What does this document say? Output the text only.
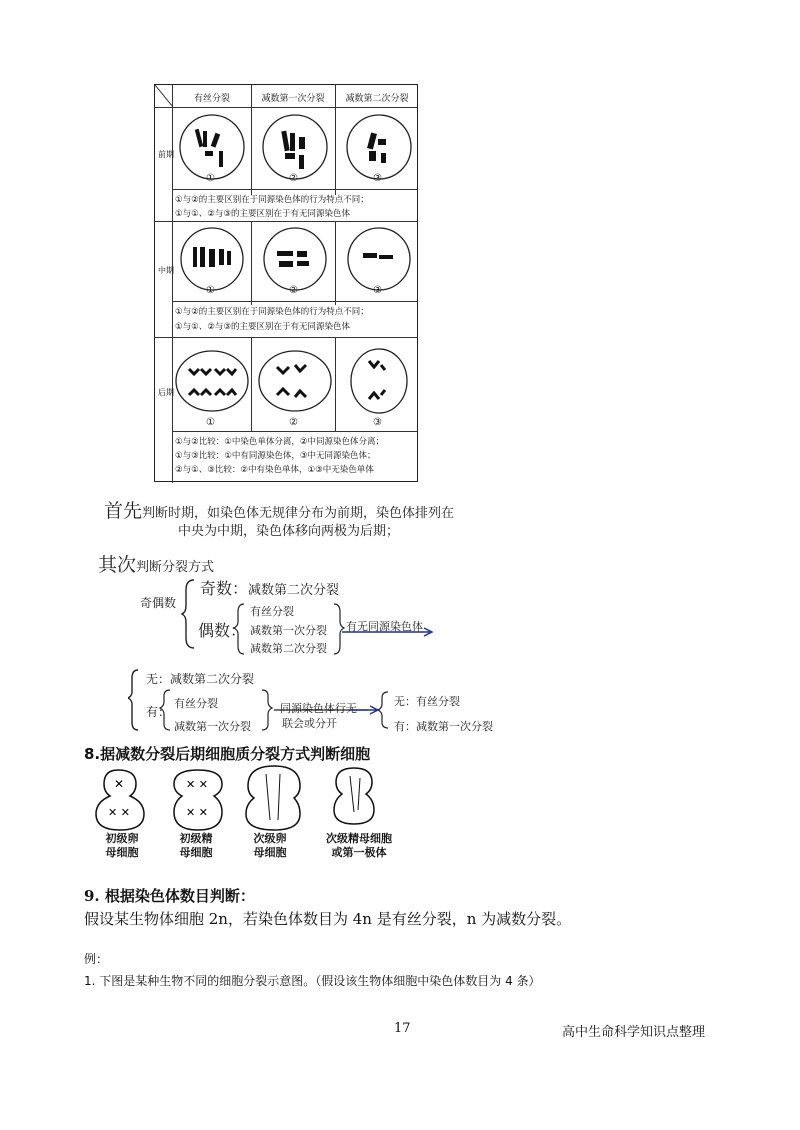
有丝分裂	减数第一次分裂	减数第二次分裂
前期
①	②	③
①与②的主要区别在于同源染色体的行为特点不同；
①与①、②与③的主要区别在于有无同源染色体
中期
①	②	③
①与②的主要区别在于同源染色体的行为特点不同；
①与①、②与③的主要区别在于有无同源染色体
后期
①	②	③
①与②比较：①中染色单体分离，②中同源染色体分离；
①与③比较：①中有同源染色体，③中无同源染色体；
②与①、③比较：②中有染色单体，①③中无染色单体
首先判断时期，如染色体无规律分布为前期，染色体排列在
中央为中期，染色体移向两极为后期；
其次判断分裂方式
奇偶数
奇数：减数第二次分裂
偶数：
有丝分裂
减数第一次分裂
减数第二次分裂
有无同源染色体
无：减数第二次分裂
有：
有丝分裂
减数第一次分裂
同源染色体行无
联会或分开
无：有丝分裂
有：减数第一次分裂
8.据减数分裂后期细胞质分裂方式判断细胞
✕
✕ ✕
✕ ✕
✕ ✕
初级卵
母细胞
初级精
母细胞
次级卵
母细胞
次级精母细胞
或第一极体
9. 根据染色体数目判断：
假设某生物体细胞 2n，若染色体数目为 4n 是有丝分裂，n 为减数分裂。
例：
1. 下图是某种生物不同的细胞分裂示意图。（假设该生物体细胞中染色体数目为 4 条）
17	高中生命科学知识点整理
